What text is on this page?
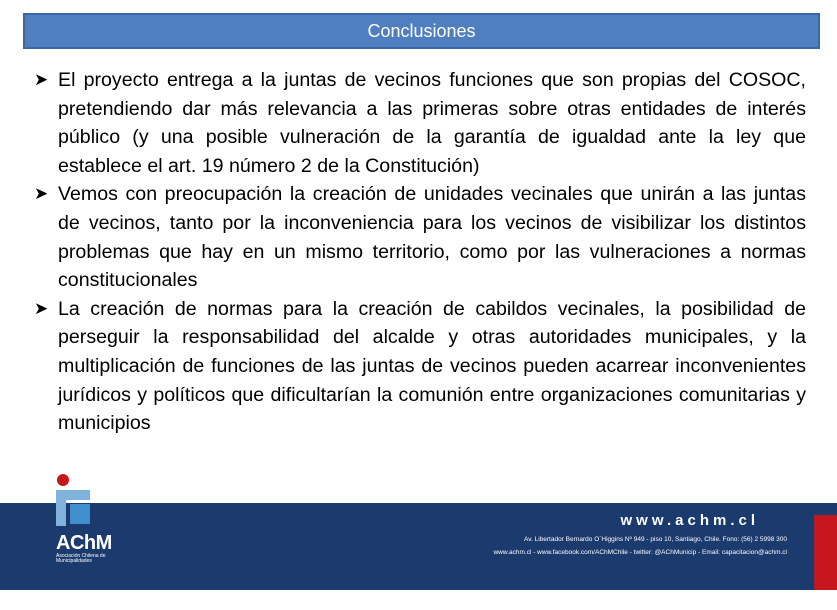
Conclusiones
➤ El proyecto entrega a la juntas de vecinos funciones que son propias del COSOC, pretendiendo dar más relevancia a las primeras sobre otras entidades de interés público (y una posible vulneración de la garantía de igualdad ante la ley que establece el art. 19 número 2 de la Constitución)
➤ Vemos con preocupación la creación de unidades vecinales que unirán a las juntas de vecinos, tanto por la inconveniencia para los vecinos de visibilizar los distintos problemas que hay en un mismo territorio, como por las vulneraciones a normas constitucionales
➤ La creación de normas para la creación de cabildos vecinales, la posibilidad de perseguir la responsabilidad del alcalde y otras autoridades municipales, y la multiplicación de funciones de las juntas de vecinos pueden acarrear inconvenientes jurídicos y políticos que dificultarían la comunión entre organizaciones comunitarias y municipios
AChM
Asociación Chilena de Municipalidades
www.achm.cl
Av. Libertador Bernardo O´Higgins Nº 949 - piso 10, Santiago, Chile. Fono: (56) 2 5998 300
www.achm.cl - www.facebook.com/AChMChile - twitter: @AChMunicip - Email: capacitacion@achm.cl
